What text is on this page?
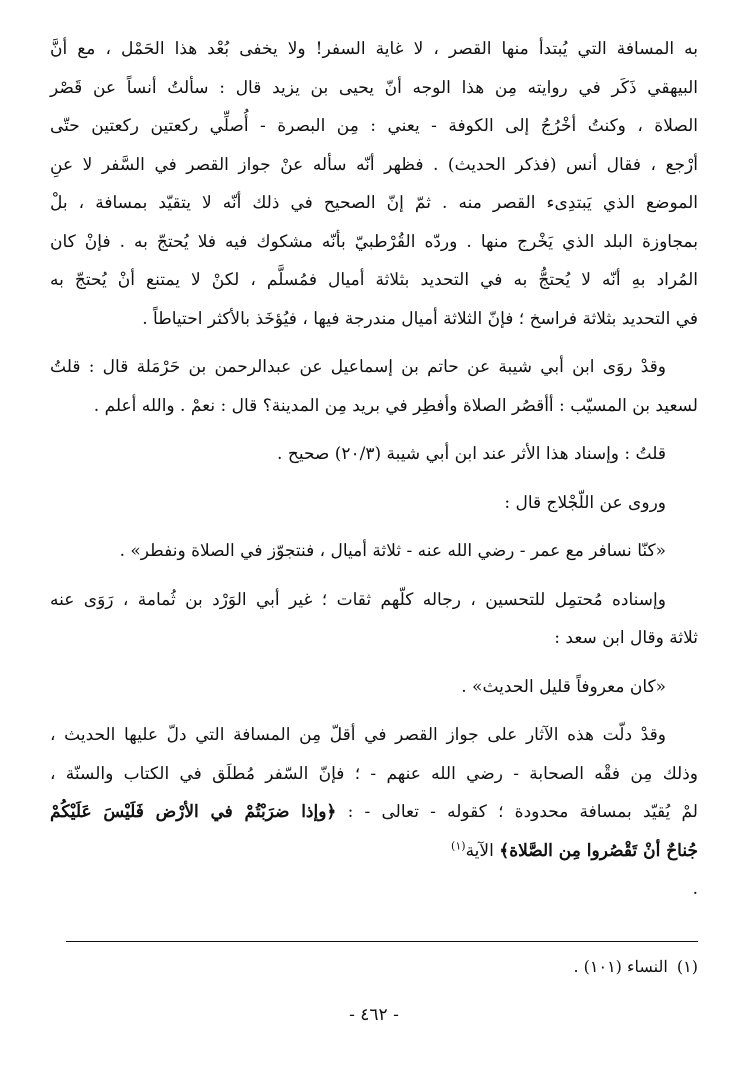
به المسافة التي يُبتدأ منها القصر ، لا غاية السفر! ولا يخفى بُعْد هذا الحَمْل ، مع أنَّ

البيهقي ذَكَر في روايته مِن هذا الوجه أنّ يحيى بن يزيد قال : سألتُ أنساً عن قَصْر

الصلاة ، وكنتُ أخْرُجُ إلى الكوفة - يعني : مِن البصرة - أُصلِّي ركعتين ركعتين حتّى

أرْجع ، فقال أنس (فذكر الحديث) . فظهر أنّه سأله عنْ جواز القصر في السَّفر لا عنِ

الموضع الذي يَبتدِىء القصر منه . ثمّ إنّ الصحيح في ذلك أنّه لا يتقيّد بمسافة ، بلْ

بمجاوزة البلد الذي يَخْرج منها . وردّه القُرْطبيّ بأنّه مشكوك فيه فلا يُحتجّ به . فإنْ كان

المُراد بهِ أنّه لا يُحتجُّ به في التحديد بثلاثة أميال فمُسلَّم ، لكنْ لا يمتنع أنْ يُحتجّ به

في التحديد بثلاثة فراسخ ؛ فإنّ الثلاثة أميال مندرجة فيها ، فيُؤخَذ بالأكثر احتياطاً .

وقدْ روَى ابن أبي شيبة عن حاتم بن إسماعيل عن عبدالرحمن بن حَرْمَلة قال : قلتُ

لسعيد بن المسيّب : أأقصُر الصلاة وأفطِر في بريد مِن المدينة؟ قال : نعمْ . والله أعلم .

قلتُ : وإسناد هذا الأثر عند ابن أبي شيبة (٢٠/٣) صحيح .

وروى عن اللّجْلاج قال :

«كنّا نسافر مع عمر - رضي الله عنه - ثلاثة أميال ، فنتجوّز في الصلاة ونفطر» .

وإسناده مُحتمِل للتحسين ، رجاله كلّهم ثقات ؛ غير أبي الوَرْد بن ثُمامة ، رَوَى عنه

ثلاثة وقال ابن سعد :

«كان معروفاً قليل الحديث» .

وقدْ دلّت هذه الآثار على جواز القصر في أقلّ مِن المسافة التي دلّ عليها الحديث ،

وذلك مِن فقْه الصحابة - رضي الله عنهم - ؛ فإنّ السّفر مُطلَق في الكتاب والسنّة ،

لمْ يُقيّد بمسافة محدودة ؛ كقوله - تعالى - : ﴿وإذا ضرَبْتُمْ في الأرْض فَلَيْسَ عَلَيْكُمْ

جُناحٌ أنْ تَقْصُروا مِن الصَّلاة﴾ الآية$^{(١)}$

.

(١) النساء (١٠١) .
- ٤٦٢ -
